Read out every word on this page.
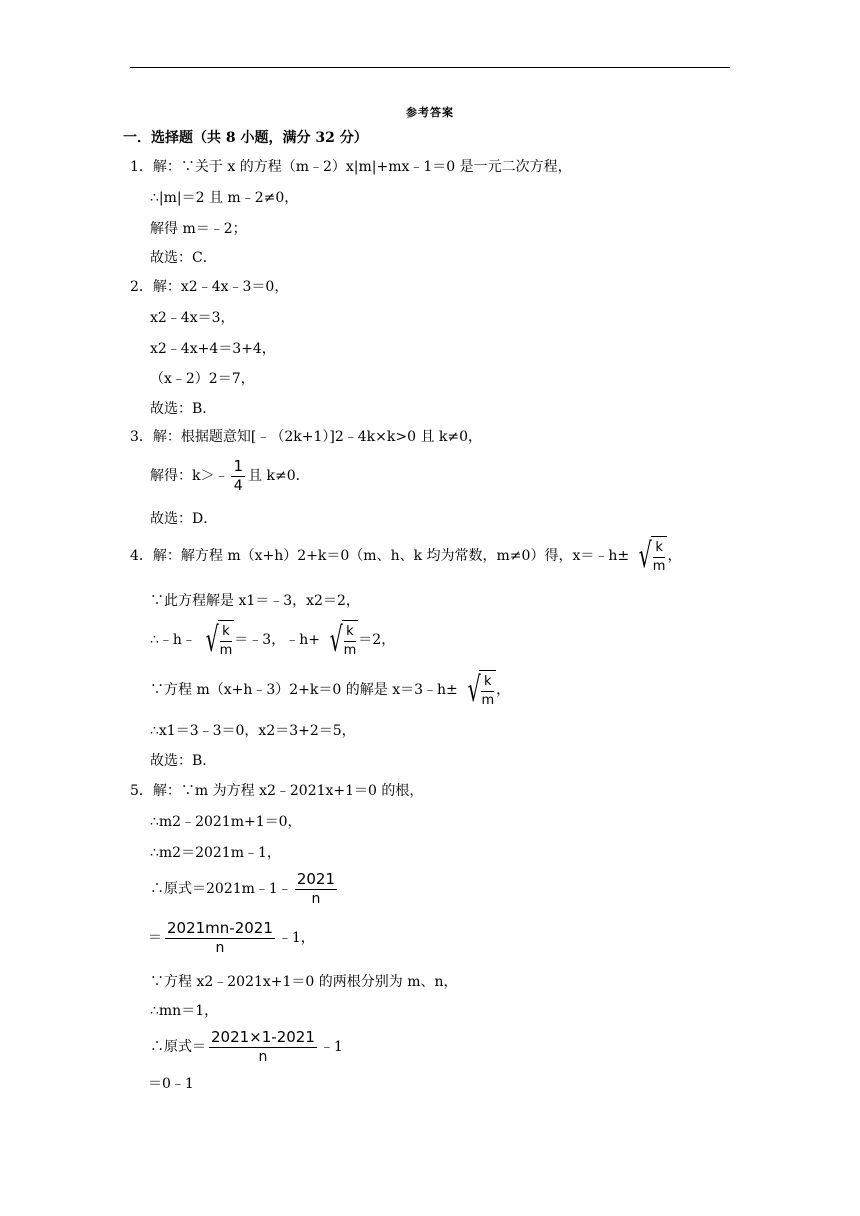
参考答案
一．选择题（共 8 小题，满分 32 分）
1．解：∵关于 x 的方程（m﹣2）x|m|+mx﹣1＝0 是一元二次方程，
∴|m|＝2 且 m﹣2≠0，
解得 m＝﹣2；
故选：C．
2．解：x2﹣4x﹣3＝0，
x2﹣4x＝3，
x2﹣4x+4＝3+4，
（x﹣2）2＝7，
故选：B．
3．解：根据题意知[﹣（2k+1）]2﹣4k×k>0 且 k≠0，
解得：k＞﹣ $\frac{1}{4}$ 且 k≠0．
故选：D．
4．解：解方程 m（x+h）2+k＝0（m、h、k 均为常数，m≠0）得，x＝﹣h± √ $\frac{k}{m}$ ，
∵此方程解是 x1＝﹣3，x2＝2，
∴﹣h﹣ √ $\frac{k}{m}$ ＝﹣3，﹣h+ √ $\frac{k}{m} =2$，
∵方程 m（x+h﹣3）2+k＝0 的解是 x＝3﹣h± √ $\frac{k}{m}$ ，
∴x1＝3﹣3＝0，x2＝3+2＝5，
故选：B．
5．解：∵m 为方程 x2﹣2021x+1＝0 的根，
∴m2﹣2021m+1＝0，
∴m2＝2021m﹣1，
∴原式＝2021m﹣1﹣ $\frac{2021}{n}$
＝ $\frac{2021mn-2021}{n}$ ﹣1，
∵方程 x2﹣2021x+1＝0 的两根分别为 m、n，
∴mn＝1，
∴原式＝ $\frac{2021\times 1-2021}{n}$ ﹣1
＝0﹣1
